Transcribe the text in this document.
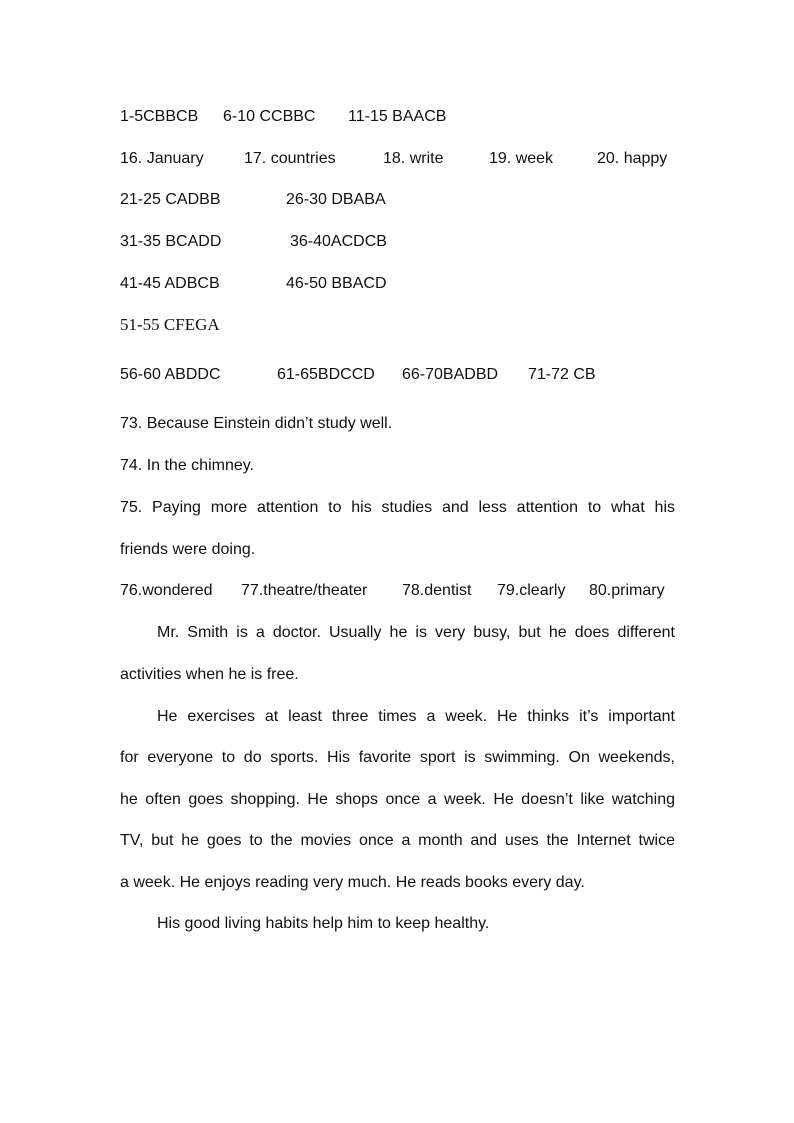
1-5CBBCB 6-10 CCBBC 11-15 BAACB
16. January	17. countries	18. write	19. week	20. happy
21-25 CADBB	26-30 DBABA
31-35 BCADD	36-40ACDCB
41-45 ADBCB	46-50 BBACD
51-55 CFEGA
56-60 ABDDC	61-65BDCCD 66-70BADBD 71-72 CB
73. Because Einstein didn’t study well.
74. In the chimney.
75. Paying more attention to his studies and less attention to what his
friends were doing.
76.wondered 77.theatre/theater 78.dentist 79.clearly 80.primary
Mr. Smith is a doctor. Usually he is very busy, but he does different
activities when he is free.
He exercises at least three times a week. He thinks it’s important
for everyone to do sports. His favorite sport is swimming. On weekends,
he often goes shopping. He shops once a week. He doesn’t like watching
TV, but he goes to the movies once a month and uses the Internet twice
a week. He enjoys reading very much. He reads books every day.
His good living habits help him to keep healthy.
